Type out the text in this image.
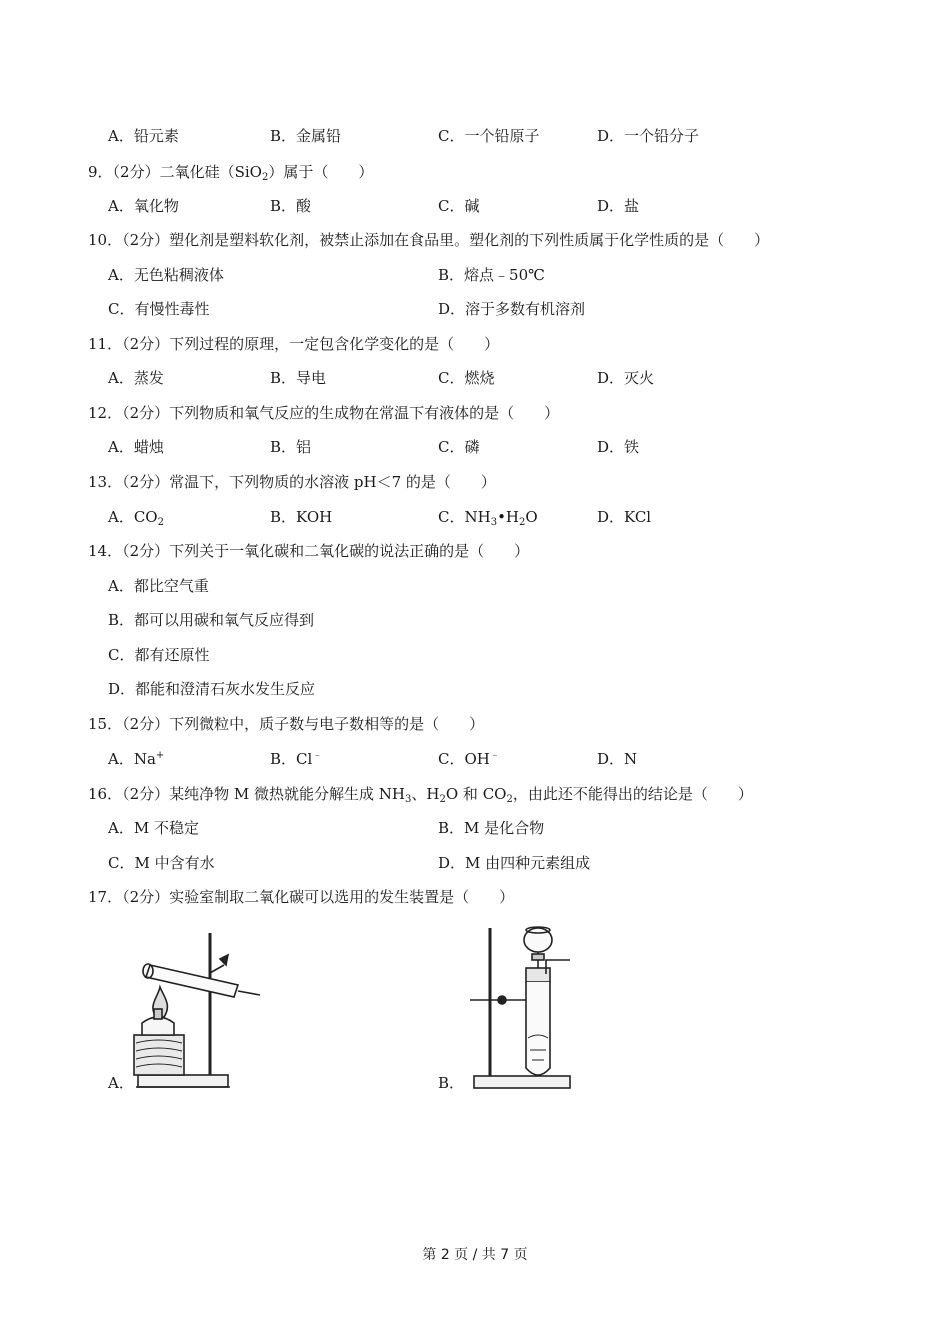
A．铅元素	B．金属铅	C．一个铅原子	D．一个铅分子
9．（2分）二氧化硅（SiO$_2$）属于（　　）
A．氧化物	B．酸	C．碱	D．盐
10．（2分）塑化剂是塑料软化剂，被禁止添加在食品里。塑化剂的下列性质属于化学性质的是（　　）
A．无色粘稠液体	B．熔点﹣50℃
C．有慢性毒性	D．溶于多数有机溶剂
11．（2分）下列过程的原理，一定包含化学变化的是（　　）
A．蒸发	B．导电	C．燃烧	D．灭火
12．（2分）下列物质和氧气反应的生成物在常温下有液体的是（　　）
A．蜡烛	B．铝	C．磷	D．铁
13．（2分）常温下，下列物质的水溶液 pH＜7 的是（　　）
A．$CO_2$	B．KOH	C．$NH_3•H_2O$	D．KCl
14．（2分）下列关于一氧化碳和二氧化碳的说法正确的是（　　）
A．都比空气重
B．都可以用碳和氧气反应得到
C．都有还原性
D．都能和澄清石灰水发生反应
15．（2分）下列微粒中，质子数与电子数相等的是（　　）
A．Na+	B．Cl﹣	C．OH﹣	D．N
16．（2分）某纯净物 M 微热就能分解生成 $NH_3$、$H_2O$ 和 $CO_2$，由此还不能得出的结论是（　　）
A．M 不稳定	B．M 是化合物
C．M 中含有水	D．M 由四种元素组成
17．（2分）实验室制取二氧化碳可以选用的发生装置是（　　）
A．	B．
第 2 页 / 共 7 页
